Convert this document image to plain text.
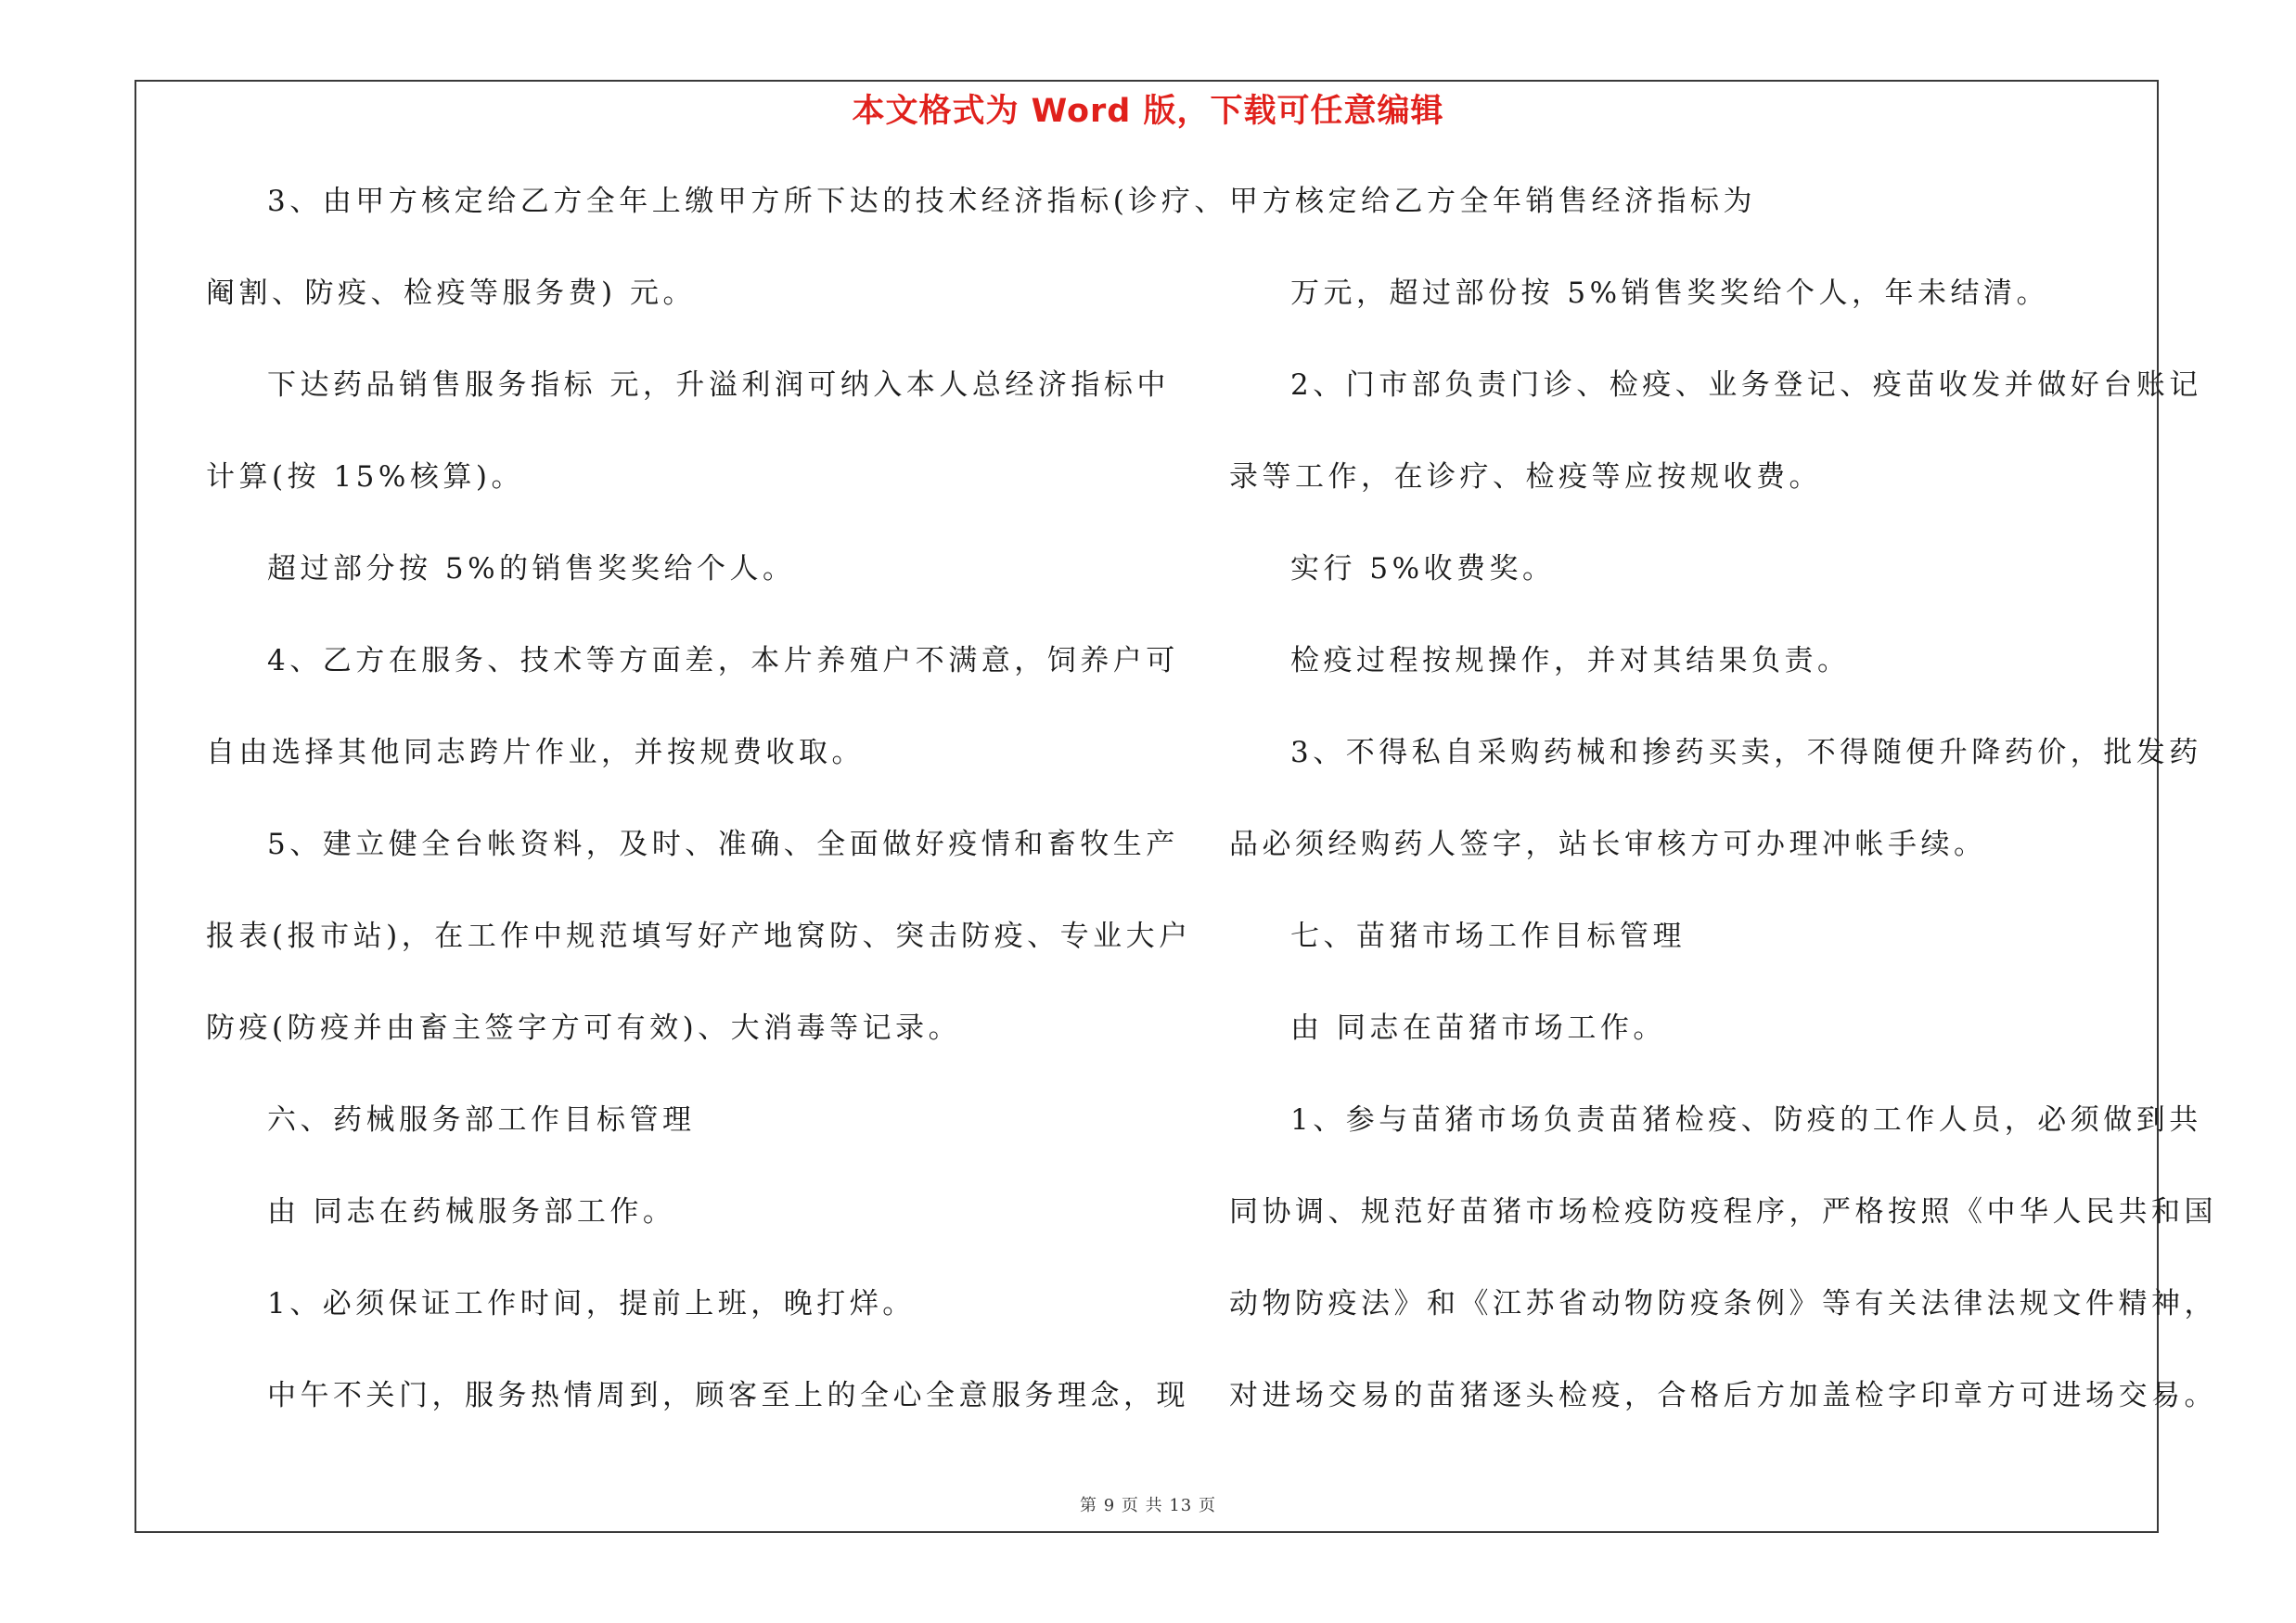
本文格式为 Word 版，下载可任意编辑
3、由甲方核定给乙方全年上缴甲方所下达的技术经济指标(诊疗、
阉割、防疫、检疫等服务费) 元。
下达药品销售服务指标 元，升溢利润可纳入本人总经济指标中
计算(按 15%核算)。
超过部分按 5%的销售奖奖给个人。
4、乙方在服务、技术等方面差，本片养殖户不满意，饲养户可
自由选择其他同志跨片作业，并按规费收取。
5、建立健全台帐资料，及时、准确、全面做好疫情和畜牧生产
报表(报市站)，在工作中规范填写好产地窝防、突击防疫、专业大户
防疫(防疫并由畜主签字方可有效)、大消毒等记录。
六、药械服务部工作目标管理
由 同志在药械服务部工作。
1、必须保证工作时间，提前上班，晚打烊。
中午不关门，服务热情周到，顾客至上的全心全意服务理念，现
甲方核定给乙方全年销售经济指标为
万元，超过部份按 5%销售奖奖给个人，年未结清。
2、门市部负责门诊、检疫、业务登记、疫苗收发并做好台账记
录等工作，在诊疗、检疫等应按规收费。
实行 5%收费奖。
检疫过程按规操作，并对其结果负责。
3、不得私自采购药械和掺药买卖，不得随便升降药价，批发药
品必须经购药人签字，站长审核方可办理冲帐手续。
七、苗猪市场工作目标管理
由 同志在苗猪市场工作。
1、参与苗猪市场负责苗猪检疫、防疫的工作人员，必须做到共
同协调、规范好苗猪市场检疫防疫程序，严格按照《中华人民共和国
动物防疫法》和《江苏省动物防疫条例》等有关法律法规文件精神，
对进场交易的苗猪逐头检疫，合格后方加盖检字印章方可进场交易。
第 9 页 共 13 页
